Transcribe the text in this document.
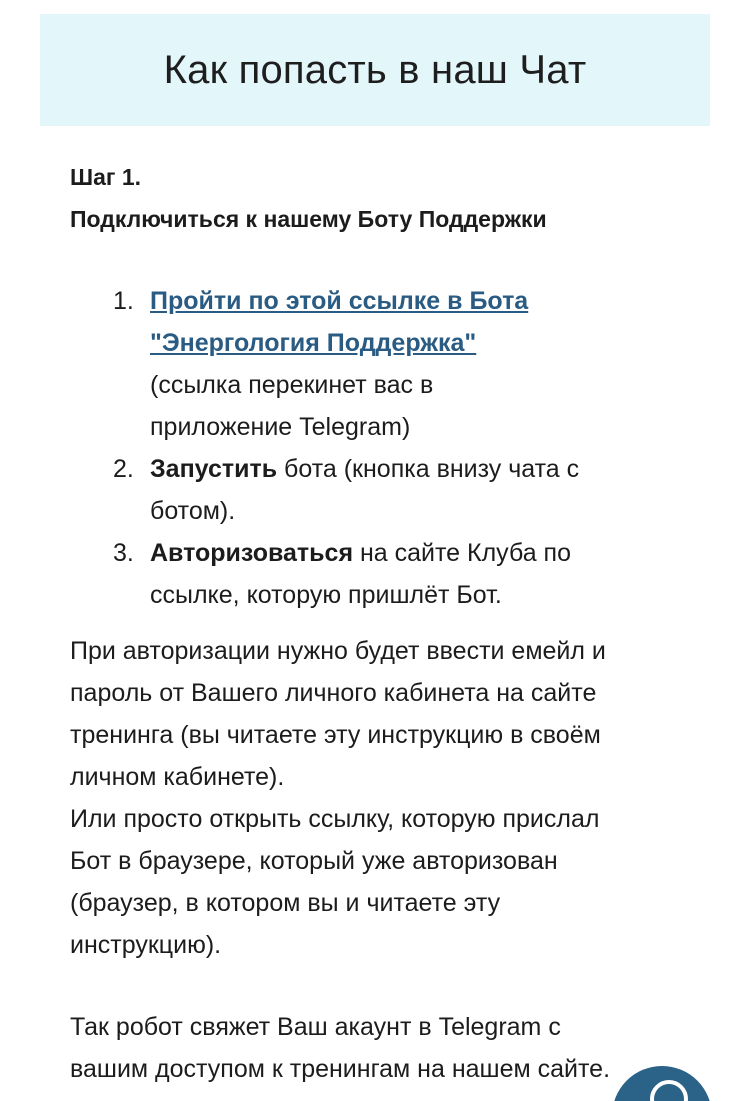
Как попасть в наш Чат

Шаг 1.

Подключиться к нашему Боту Поддержки

1. Пройти по этой ссылке в Бота
"Энергология Поддержка"
(ссылка перекинет вас в
приложение Telegram)
2. Запустить бота (кнопка внизу чата с
ботом).
3. Авторизоваться на сайте Клуба по
ссылке, которую пришлёт Бот.

При авторизации нужно будет ввести емейл и
пароль от Вашего личного кабинета на сайте
тренинга (вы читаете эту инструкцию в своём
личном кабинете).
Или просто открыть ссылку, которую прислал
Бот в браузере, который уже авторизован
(браузер, в котором вы и читаете эту
инструкцию).

Так робот свяжет Ваш акаунт в Telegram с
вашим доступом к тренингам на нашем сайте.
